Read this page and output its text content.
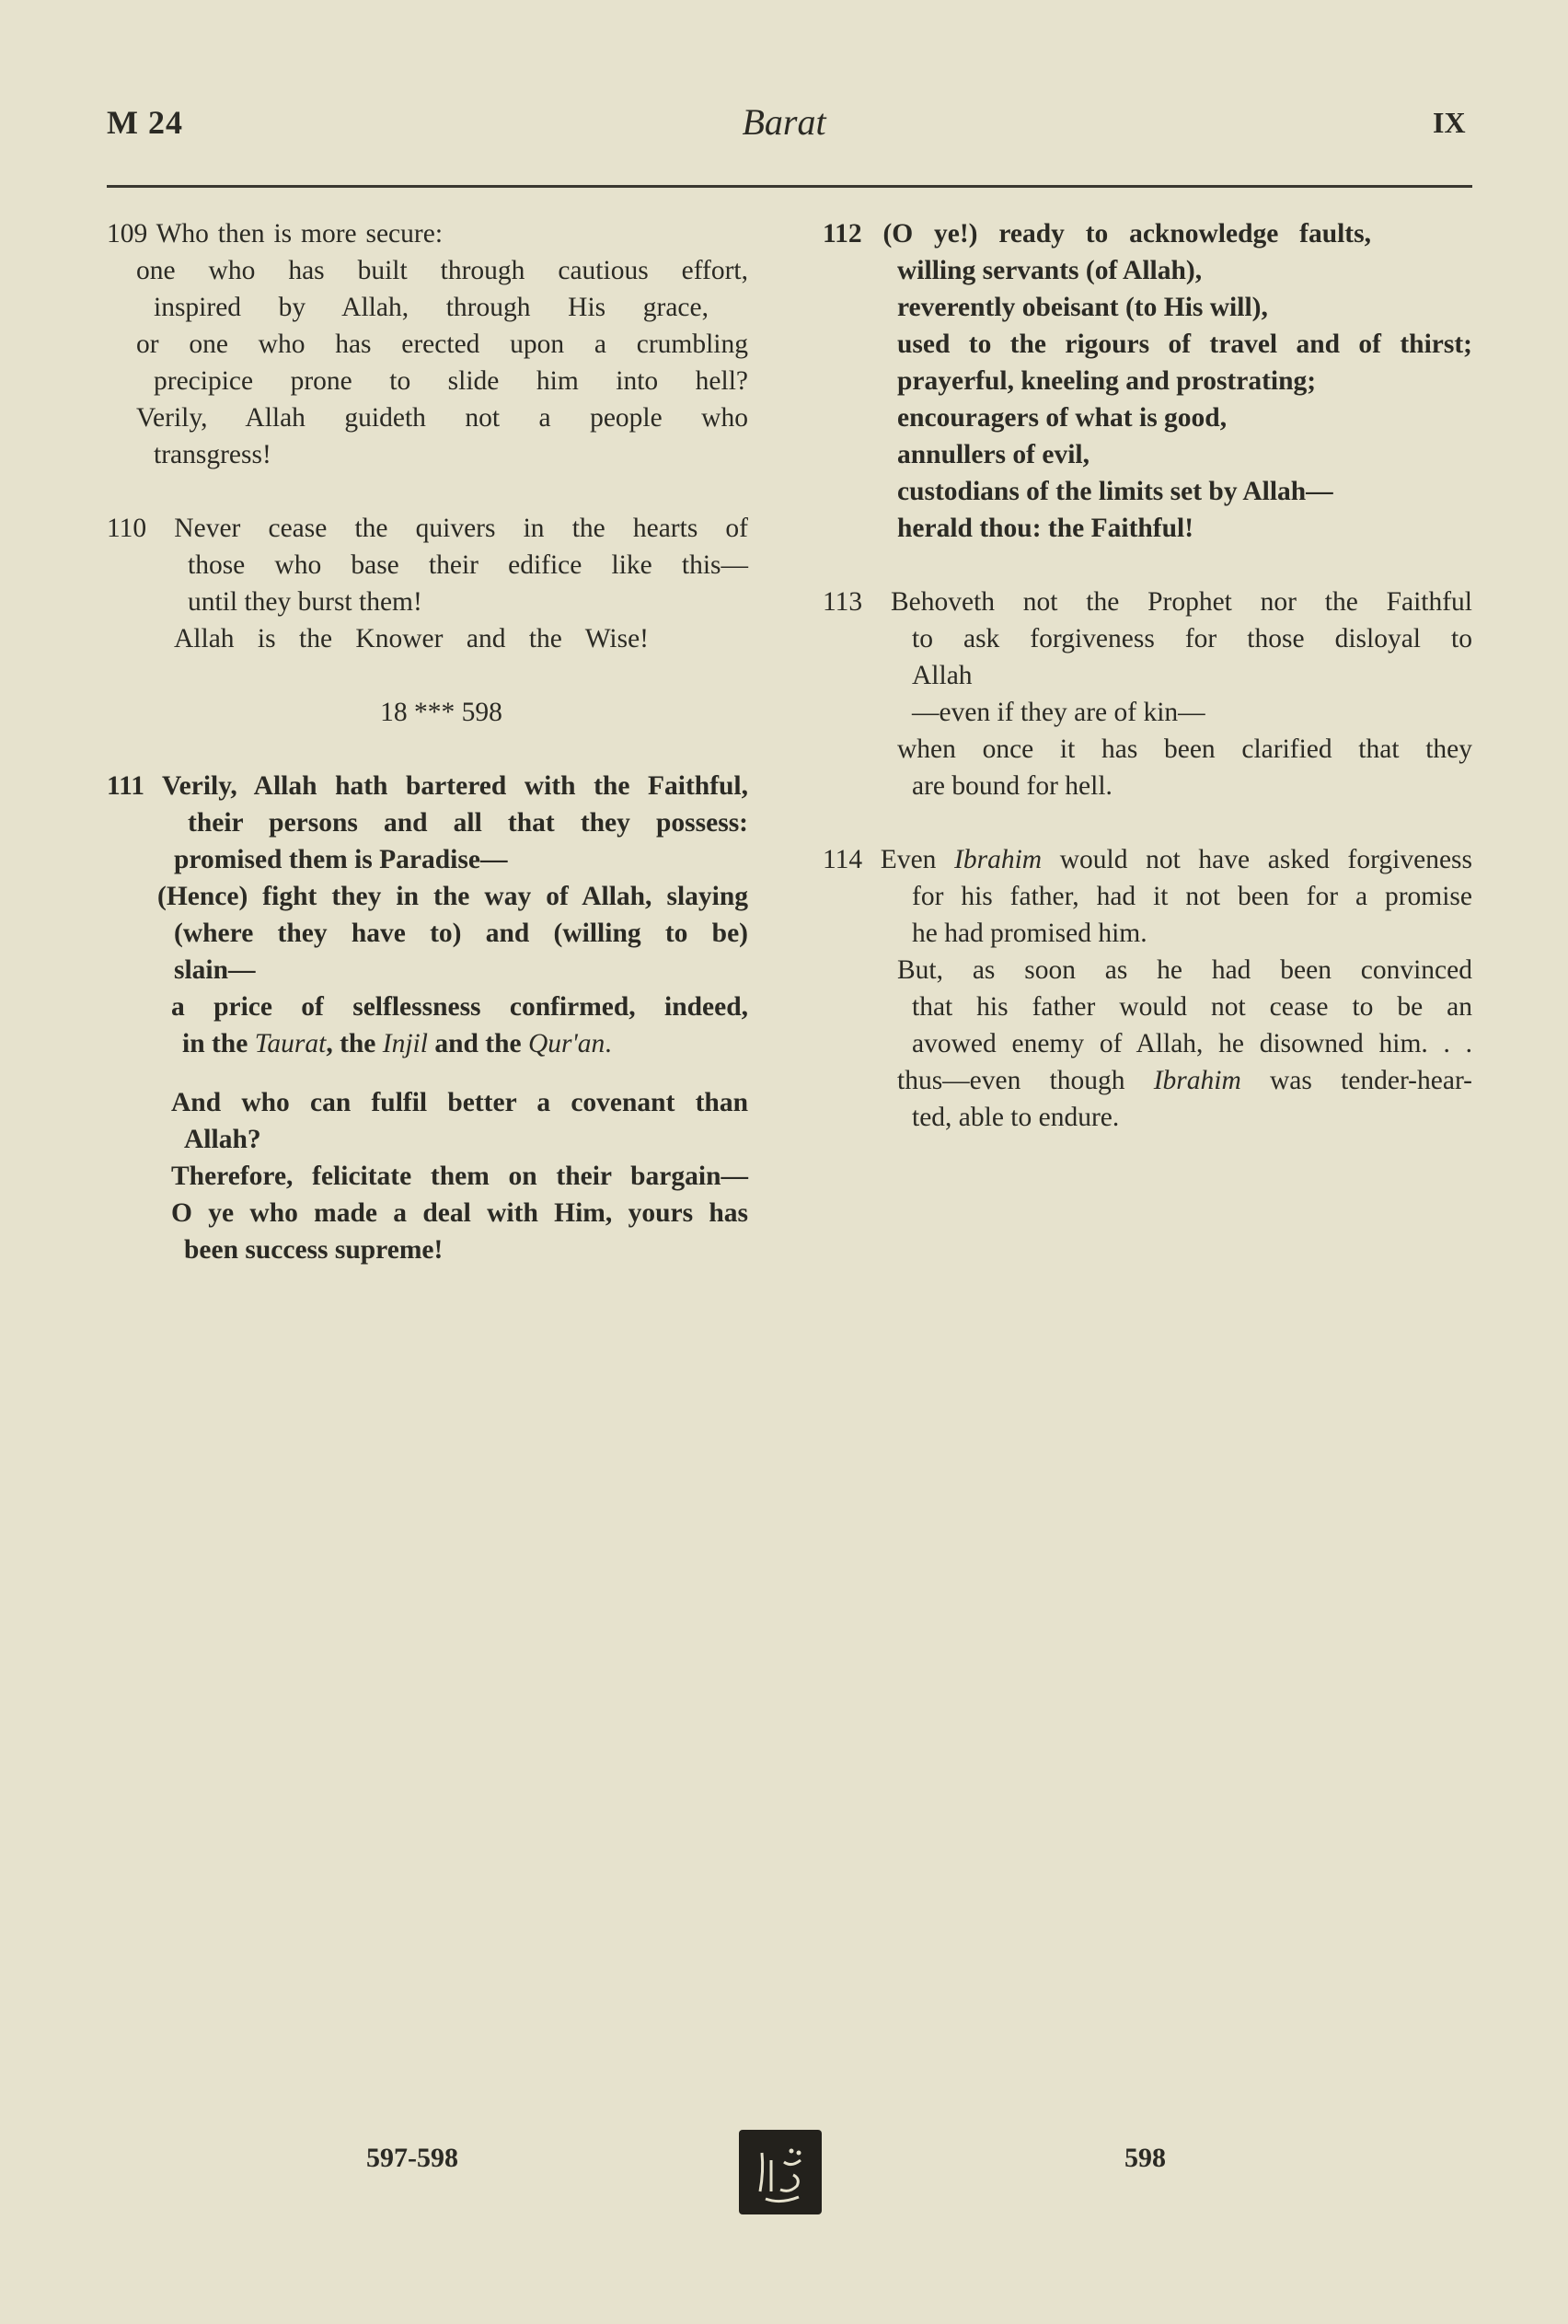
M 24	Barat	IX
109 Who then is more secure:
one who has built through cautious effort,
inspired by Allah, through His grace,
or one who has erected upon a crumbling
precipice prone to slide him into hell?
Verily, Allah guideth not a people who
transgress!
110 Never cease the quivers in the hearts of
those who base their edifice like this—
until they burst them!
Allah is the Knower and the Wise!
18 *** 598
111 Verily, Allah hath bartered with the Faithful,
their persons and all that they possess:
promised them is Paradise—
(Hence) fight they in the way of Allah, slaying
(where they have to) and (willing to be)
slain—
a price of selflessness confirmed, indeed,
in the Taurat, the Injil and the Qur'an.
And who can fulfil better a covenant than
Allah?
Therefore, felicitate them on their bargain—
O ye who made a deal with Him, yours has
been success supreme!
112 (O ye!) ready to acknowledge faults,
willing servants (of Allah),
reverently obeisant (to His will),
used to the rigours of travel and of thirst;
prayerful, kneeling and prostrating;
encouragers of what is good,
annullers of evil,
custodians of the limits set by Allah—
herald thou: the Faithful!
113 Behoveth not the Prophet nor the Faithful
to ask forgiveness for those disloyal to
Allah
—even if they are of kin—
when once it has been clarified that they
are bound for hell.
114 Even Ibrahim would not have asked forgiveness
for his father, had it not been for a promise
he had promised him.
But, as soon as he had been convinced
that his father would not cease to be an
avowed enemy of Allah, he disowned him. . .
thus—even though Ibrahim was tender-hear-
ted, able to endure.
597-598	598
